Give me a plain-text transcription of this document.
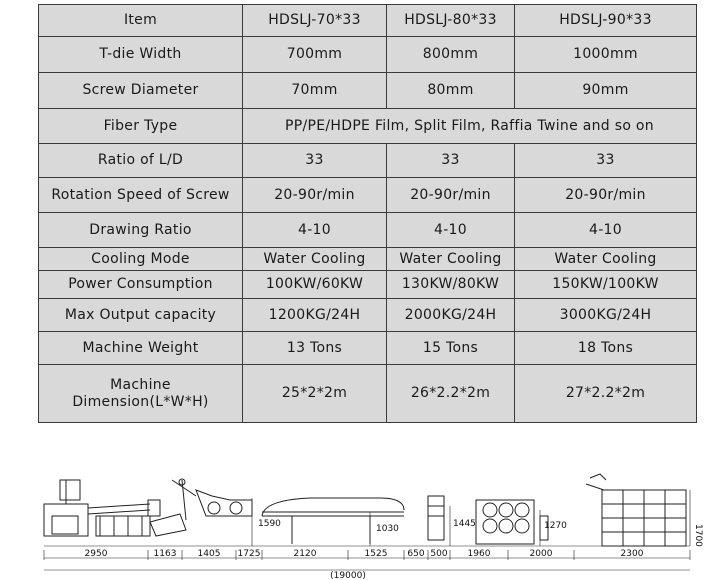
Item	HDSLJ-70*33	HDSLJ-80*33	HDSLJ-90*33
T-die Width	700mm	800mm	1000mm
Screw Diameter	70mm	80mm	90mm
Fiber Type	PP/PE/HDPE Film, Split Film, Raffia Twine and so on		
Ratio of L/D	33	33	33
Rotation Speed of Screw	20-90r/min	20-90r/min	20-90r/min
Drawing Ratio	4-10	4-10	4-10
Cooling Mode	Water Cooling	Water Cooling	Water Cooling
Power Consumption	100KW/60KW	130KW/80KW	150KW/100KW
Max Output capacity	1200KG/24H	2000KG/24H	3000KG/24H
Machine Weight	13 Tons	15 Tons	18 Tons
Machine
Dimension(L*W*H)	25*2*2m	26*2.2*2m	27*2.2*2m
2950	1163 1405 1725	2120	1525 650 500 1960	2000	2300
1590	1030	1445	1270	1700
(19000)
